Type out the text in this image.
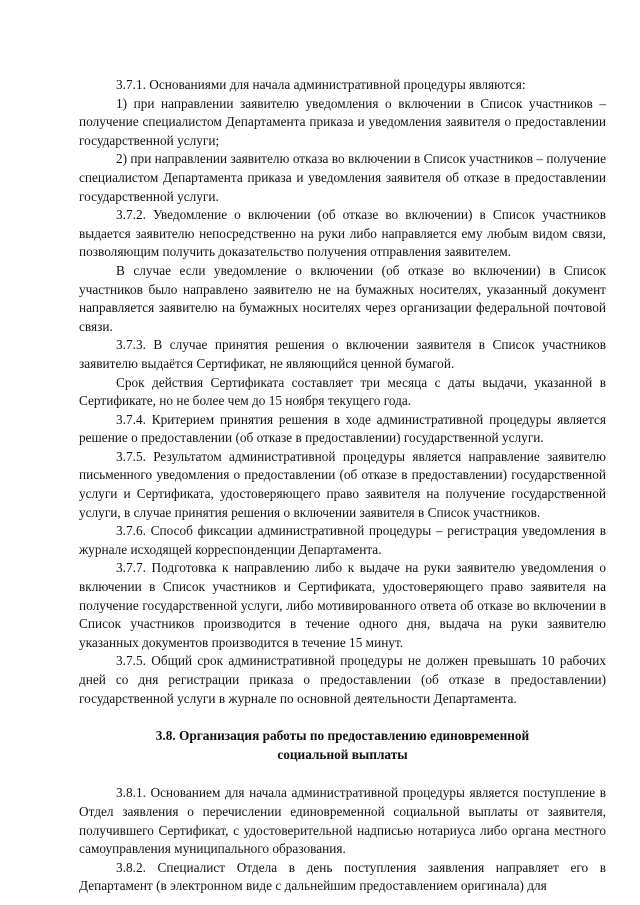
3.7.1. Основаниями для начала административной процедуры являются:

1) при направлении заявителю уведомления о включении в Список участников – получение специалистом Департамента приказа и уведомления заявителя о предоставлении государственной услуги;

2) при направлении заявителю отказа во включении в Список участников – получение специалистом Департамента приказа и уведомления заявителя об отказе в предоставлении государственной услуги.

3.7.2. Уведомление о включении (об отказе во включении) в Список участников выдается заявителю непосредственно на руки либо направляется ему любым видом связи, позволяющим получить доказательство получения отправления заявителем.

В случае если уведомление о включении (об отказе во включении) в Список участников было направлено заявителю не на бумажных носителях, указанный документ направляется заявителю на бумажных носителях через организации федеральной почтовой связи.

3.7.3. В случае принятия решения о включении заявителя в Список участников заявителю выдаётся Сертификат, не являющийся ценной бумагой.

Срок действия Сертификата составляет три месяца с даты выдачи, указанной в Сертификате, но не более чем до 15 ноября текущего года.

3.7.4. Критерием принятия решения в ходе административной процедуры является решение о предоставлении (об отказе в предоставлении) государственной услуги.

3.7.5. Результатом административной процедуры является направление заявителю письменного уведомления о предоставлении (об отказе в предоставлении) государственной услуги и Сертификата, удостоверяющего право заявителя на получение государственной услуги, в случае принятия решения о включении заявителя в Список участников.

3.7.6. Способ фиксации административной процедуры – регистрация уведомления в журнале исходящей корреспонденции Департамента.

3.7.7. Подготовка к направлению либо к выдаче на руки заявителю уведомления о включении в Список участников и Сертификата, удостоверяющего право заявителя на получение государственной услуги, либо мотивированного ответа об отказе во включении в Список участников производится в течение одного дня, выдача на руки заявителю указанных документов производится в течение 15 минут.

3.7.5. Общий срок административной процедуры не должен превышать 10 рабочих дней со дня регистрации приказа о предоставлении (об отказе в предоставлении) государственной услуги в журнале по основной деятельности Департамента.

3.8. Организация работы по предоставлению единовременной
социальной выплаты

3.8.1. Основанием для начала административной процедуры является поступление в Отдел заявления о перечислении единовременной социальной выплаты от заявителя, получившего Сертификат, с удостоверительной надписью нотариуса либо органа местного самоуправления муниципального образования.

3.8.2. Специалист Отдела в день поступления заявления направляет его в Департамент (в электронном виде с дальнейшим предоставлением оригинала) для
